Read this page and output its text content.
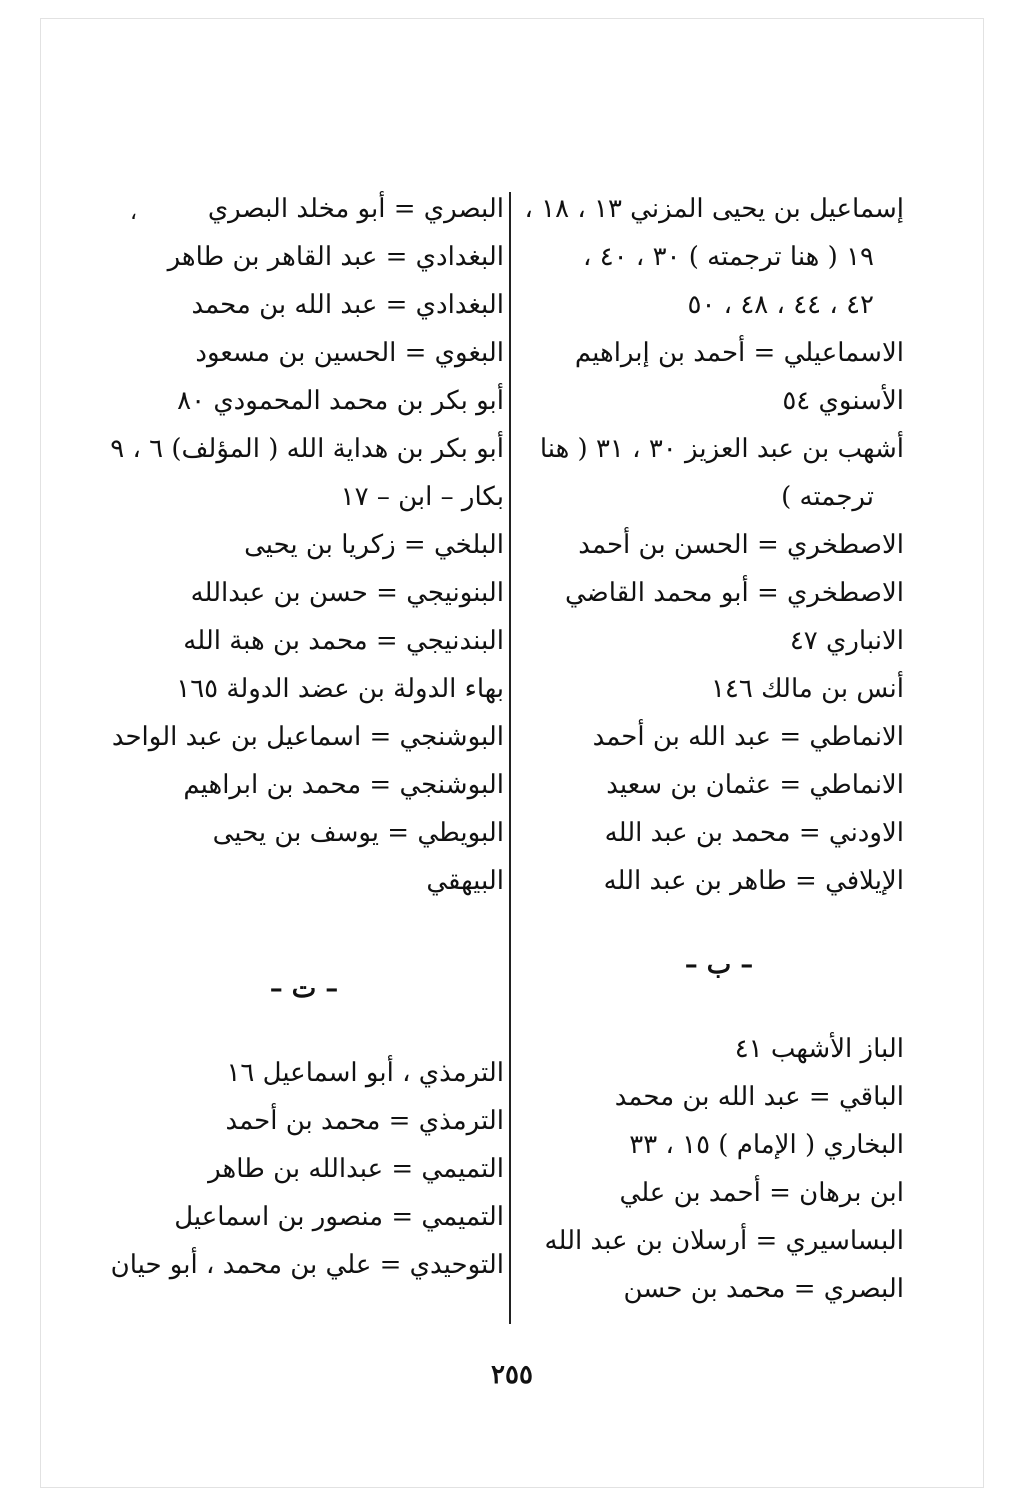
إسماعيل بن يحيى المزني ١٣ ، ١٨ ،
١٩ ( هنا ترجمته ) ٣٠ ، ٤٠ ،
٤٢ ، ٤٤ ، ٤٨ ، ٥٠
الاسماعيلي = أحمد بن إبراهيم
الأسنوي ٥٤
أشهب بن عبد العزيز ٣٠ ، ٣١ ( هنا
ترجمته )
الاصطخري = الحسن بن أحمد
الاصطخري = أبو محمد القاضي
الانباري ٤٧
أنس بن مالك ١٤٦
الانماطي = عبد الله بن أحمد
الانماطي = عثمان بن سعيد
الاودني = محمد بن عبد الله
الإيلافي = طاهر بن عبد الله
– ب –
الباز الأشهب ٤١
الباقي = عبد الله بن محمد
البخاري ( الإمام ) ١٥ ، ٣٣
ابن برهان = أحمد بن علي
البساسيري = أرسلان بن عبد الله
البصري = محمد بن حسن
البصري = أبو مخلد البصري
البغدادي = عبد القاهر بن طاهر
البغدادي = عبد الله بن محمد
البغوي = الحسين بن مسعود
أبو بكر بن محمد المحمودي ٨٠
أبو بكر بن هداية الله ( المؤلف) ٦ ، ٩
بكار – ابن – ١٧
البلخي = زكريا بن يحيى
البنونيجي = حسن بن عبدالله
البندنيجي = محمد بن هبة الله
بهاء الدولة بن عضد الدولة ١٦٥
البوشنجي = اسماعيل بن عبد الواحد
البوشنجي = محمد بن ابراهيم
البويطي = يوسف بن يحيى
البيهقي
– ت –
الترمذي ، أبو اسماعيل ١٦
الترمذي = محمد بن أحمد
التميمي = عبدالله بن طاهر
التميمي = منصور بن اسماعيل
التوحيدي = علي بن محمد ، أبو حيان
،
٢٥٥
